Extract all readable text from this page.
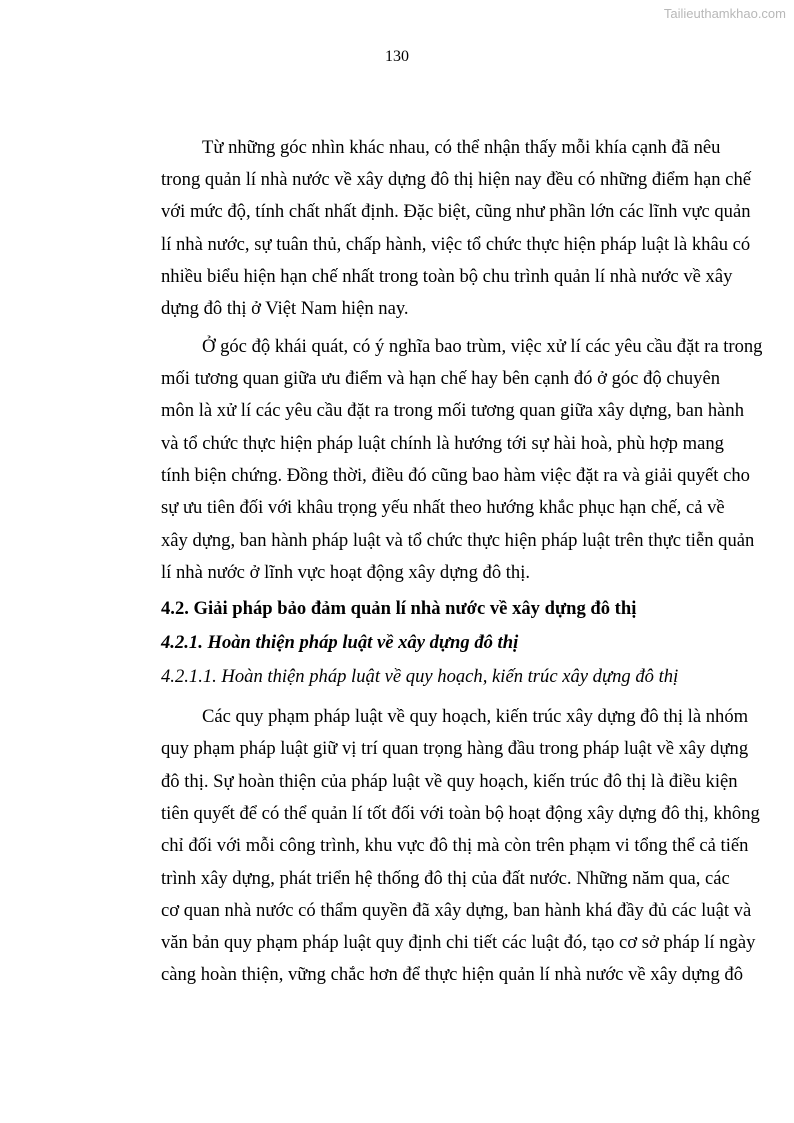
Tailieuthamkhao.com
130
Từ những góc nhìn khác nhau, có thể nhận thấy mỗi khía cạnh đã nêu
trong quản lí nhà nước về xây dựng đô thị hiện nay đều có những điểm hạn chế
với mức độ, tính chất nhất định. Đặc biệt, cũng như phần lớn các lĩnh vực quản
lí nhà nước, sự tuân thủ, chấp hành, việc tổ chức thực hiện pháp luật là khâu có
nhiều biểu hiện hạn chế nhất trong toàn bộ chu trình quản lí nhà nước về xây
dựng đô thị ở Việt Nam hiện nay.
Ở góc độ khái quát, có ý nghĩa bao trùm, việc xử lí các yêu cầu đặt ra trong
mối tương quan giữa ưu điểm và hạn chế hay bên cạnh đó ở góc độ chuyên
môn là xử lí các yêu cầu đặt ra trong mối tương quan giữa xây dựng, ban hành
và tổ chức thực hiện pháp luật chính là hướng tới sự hài hoà, phù hợp mang
tính biện chứng. Đồng thời, điều đó cũng bao hàm việc đặt ra và giải quyết cho
sự ưu tiên đối với khâu trọng yếu nhất theo hướng khắc phục hạn chế, cả về
xây dựng, ban hành pháp luật và tổ chức thực hiện pháp luật trên thực tiễn quản
lí nhà nước ở lĩnh vực hoạt động xây dựng đô thị.
4.2. Giải pháp bảo đảm quản lí nhà nước về xây dựng đô thị
4.2.1. Hoàn thiện pháp luật về xây dựng đô thị
4.2.1.1. Hoàn thiện pháp luật về quy hoạch, kiến trúc xây dựng đô thị
Các quy phạm pháp luật về quy hoạch, kiến trúc xây dựng đô thị là nhóm
quy phạm pháp luật giữ vị trí quan trọng hàng đầu trong pháp luật về xây dựng
đô thị. Sự hoàn thiện của pháp luật về quy hoạch, kiến trúc đô thị là điều kiện
tiên quyết để có thể quản lí tốt đối với toàn bộ hoạt động xây dựng đô thị, không
chỉ đối với mỗi công trình, khu vực đô thị mà còn trên phạm vi tổng thể cả tiến
trình xây dựng, phát triển hệ thống đô thị của đất nước. Những năm qua, các
cơ quan nhà nước có thẩm quyền đã xây dựng, ban hành khá đầy đủ các luật và
văn bản quy phạm pháp luật quy định chi tiết các luật đó, tạo cơ sở pháp lí ngày
càng hoàn thiện, vững chắc hơn để thực hiện quản lí nhà nước về xây dựng đô
